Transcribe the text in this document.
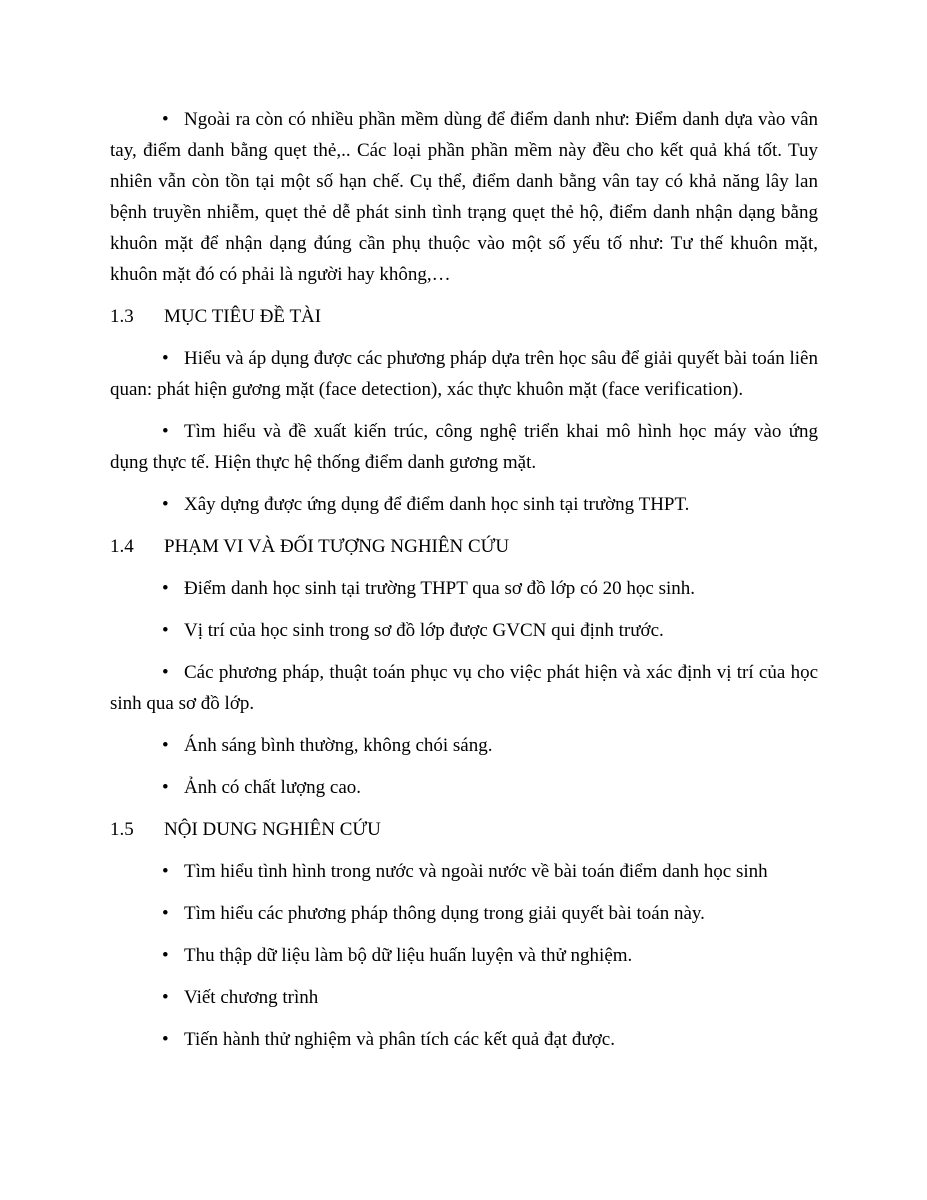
• Ngoài ra còn có nhiều phần mềm dùng để điểm danh như: Điểm danh dựa vào vân tay, điểm danh bằng quẹt thẻ,.. Các loại phần phần mềm này đều cho kết quả khá tốt. Tuy nhiên vẫn còn tồn tại một số hạn chế. Cụ thể, điểm danh bằng vân tay có khả năng lây lan bệnh truyền nhiễm, quẹt thẻ dễ phát sinh tình trạng quẹt thẻ hộ, điểm danh nhận dạng bằng khuôn mặt để nhận dạng đúng cần phụ thuộc vào một số yếu tố như: Tư thế khuôn mặt, khuôn mặt đó có phải là người hay không,…

1.3	MỤC TIÊU ĐỀ TÀI

• Hiểu và áp dụng được các phương pháp dựa trên học sâu để giải quyết bài toán liên quan: phát hiện gương mặt (face detection), xác thực khuôn mặt (face verification).

• Tìm hiểu và đề xuất kiến trúc, công nghệ triển khai mô hình học máy vào ứng dụng thực tế. Hiện thực hệ thống điểm danh gương mặt.

• Xây dựng được ứng dụng để điểm danh học sinh tại trường THPT.

1.4	PHẠM VI VÀ ĐỐI TƯỢNG NGHIÊN CỨU

• Điểm danh học sinh tại trường THPT qua sơ đồ lớp có 20 học sinh.

• Vị trí của học sinh trong sơ đồ lớp được GVCN qui định trước.

• Các phương pháp, thuật toán phục vụ cho việc phát hiện và xác định vị trí của học sinh qua sơ đồ lớp.

• Ánh sáng bình thường, không chói sáng.

• Ảnh có chất lượng cao.

1.5	NỘI DUNG NGHIÊN CỨU

• Tìm hiểu tình hình trong nước và ngoài nước về bài toán điểm danh học sinh

• Tìm hiểu các phương pháp thông dụng trong giải quyết bài toán này.

• Thu thập dữ liệu làm bộ dữ liệu huấn luyện và thử nghiệm.

• Viết chương trình

• Tiến hành thử nghiệm và phân tích các kết quả đạt được.
